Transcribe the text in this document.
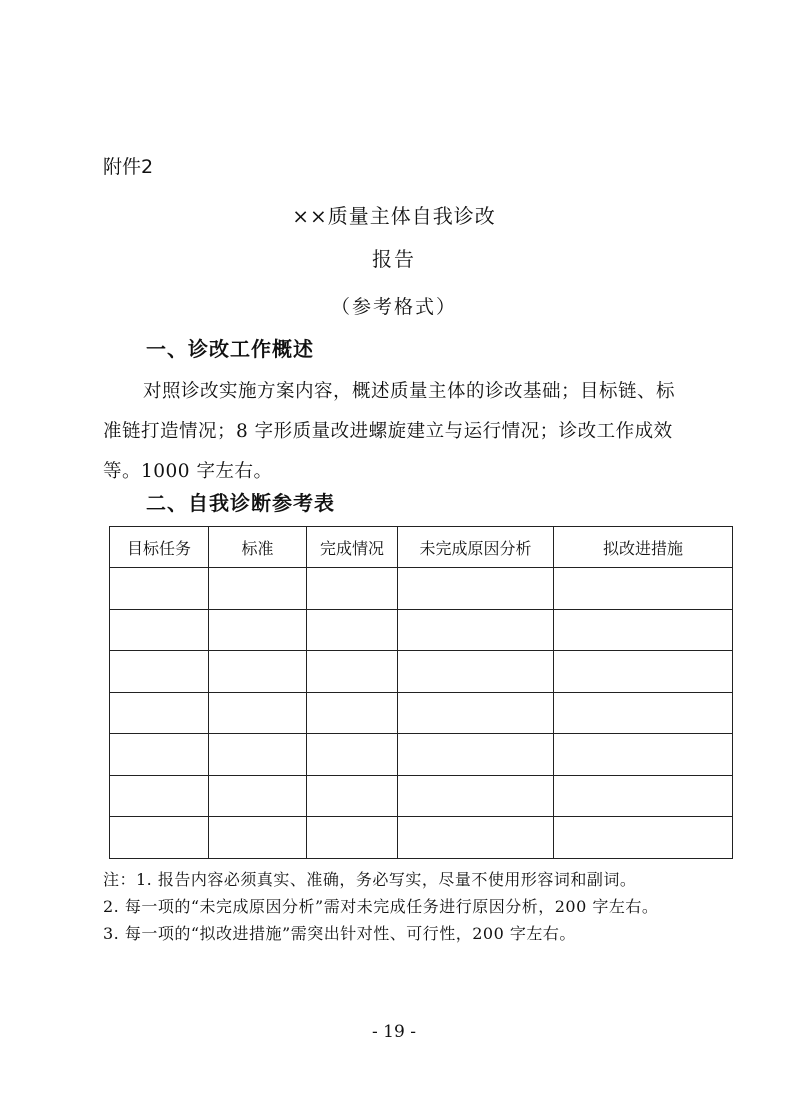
附件2
××质量主体自我诊改
报告
（参考格式）
一、诊改工作概述
对照诊改实施方案内容，概述质量主体的诊改基础；目标链、标准链打造情况；8 字形质量改进螺旋建立与运行情况；诊改工作成效等。1000 字左右。
二、自我诊断参考表
目标任务	标准	完成情况	未完成原因分析	拟改进措施

注：1. 报告内容必须真实、准确，务必写实，尽量不使用形容词和副词。
2. 每一项的“未完成原因分析”需对未完成任务进行原因分析，200 字左右。
3. 每一项的“拟改进措施”需突出针对性、可行性，200 字左右。
- 19 -
